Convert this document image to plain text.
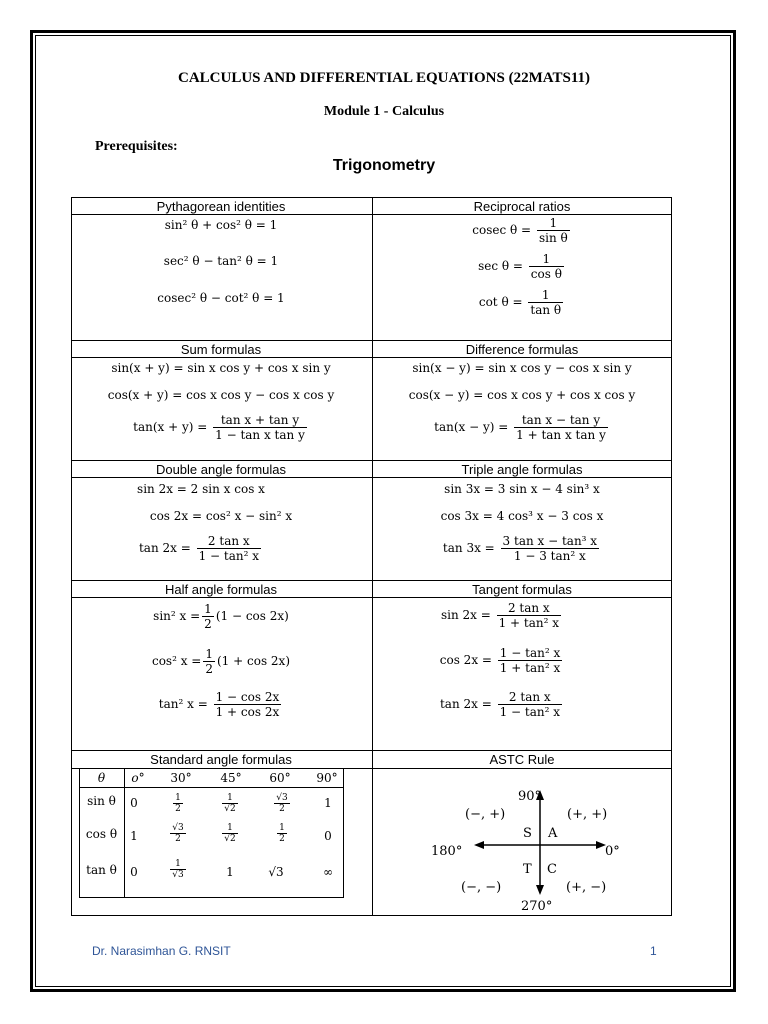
CALCULUS AND DIFFERENTIAL EQUATIONS (22MATS11)
Module 1 - Calculus
Prerequisites:
Trigonometry
Pythagorean identities
sin² θ + cos² θ = 1
sec² θ − tan² θ = 1
cosec² θ − cot² θ = 1
Reciprocal ratios
cosec $\theta = \frac{1}{\text{sin θ}}$
$\sec \theta = \frac{1}{\text{cos θ}}$
$\cot \theta = \frac{1}{\text{tan θ}}$
Sum formulas
sin(x + y) = sin x cos y + cos x sin y
cos(x + y) = cos x cos y − cos x cos y
$\tan(x + y) = \frac{\text{tan x + tan y}}{\text{1 − tan x tan y}}$
Difference formulas
sin(x − y) = sin x cos y − cos x sin y
cos(x − y) = cos x cos y + cos x cos y
$\tan(x - y) = \frac{\text{tan x − tan y}}{\text{1 + tan x tan y}}$
Double angle formulas
sin 2x = 2 sin x cos x
cos 2x = cos² x − sin² x
$\tan 2x = \frac{\text{2 tan x}}{\text{1 − tan² x}}$
Triple angle formulas
sin 3x = 3 sin x − 4 sin³ x
cos 3x = 4 cos³ x − 3 cos x
$\tan 3x = \frac{\text{3 tan x − tan³ x}}{\text{1 − 3 tan² x}}$
Half angle formulas
sin² $x = \frac{1}{2} (1 - \cos 2x)$
cos² $x = \frac{1}{2} (1 + \cos 2x)$
tan² $x = \frac{1 - \cos 2x}{1 + \cos 2x}$
Tangent formulas
$\sin 2x = \frac{\text{2 tan x}}{\text{1 + tan² x}}$
$\cos 2x = \frac{\text{1 − tan² x}}{\text{1 + tan² x}}$
$\tan 2x = \frac{\text{2 tan x}}{\text{1 − tan² x}}$
Standard angle formulas
θ	o°	30°	45°	60°	90°
sin θ	0	$\frac{1}{2}$	$\frac{1}{√2}$	$\frac{√3}{2}$	1
cos θ	1	$\frac{√3}{2}$	$\frac{1}{√2}$	$\frac{1}{2}$	0
tan θ	0	$\frac{1}{√3}$	1	√3	∞
ASTC Rule
90°
270°
180°	0°
(−, +)	(+, +)
(−, −)	(+, −)
S A
T C
Dr. Narasimhan G. RNSIT	1
